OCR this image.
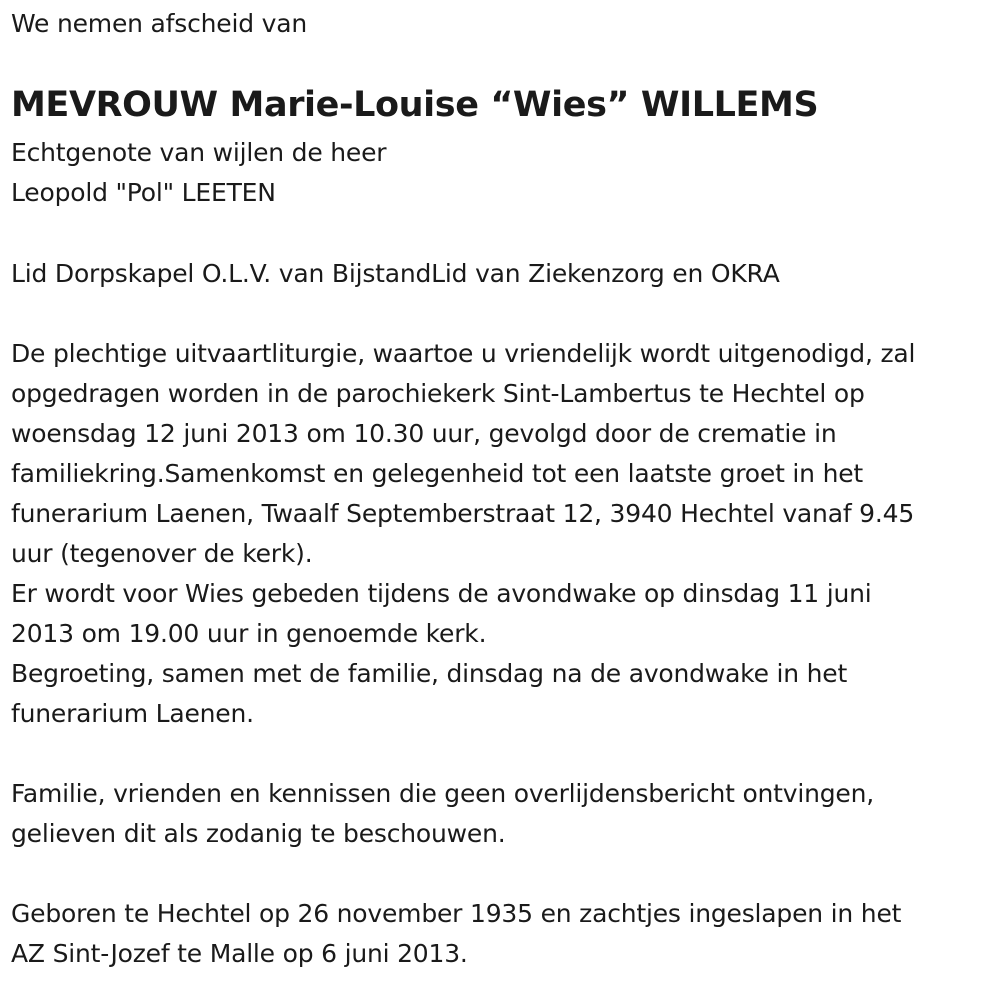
We nemen afscheid van
MEVROUW Marie-Louise “Wies” WILLEMS
Echtgenote van wijlen de heer
Leopold "Pol" LEETEN
Lid Dorpskapel O.L.V. van BijstandLid van Ziekenzorg en OKRA
De plechtige uitvaartliturgie, waartoe u vriendelijk wordt uitgenodigd, zal
opgedragen worden in de parochiekerk Sint-Lambertus te Hechtel op
woensdag 12 juni 2013 om 10.30 uur, gevolgd door de crematie in
familiekring.Samenkomst en gelegenheid tot een laatste groet in het
funerarium Laenen, Twaalf Septemberstraat 12, 3940 Hechtel vanaf 9.45
uur (tegenover de kerk).
Er wordt voor Wies gebeden tijdens de avondwake op dinsdag 11 juni
2013 om 19.00 uur in genoemde kerk.
Begroeting, samen met de familie, dinsdag na de avondwake in het
funerarium Laenen.
Familie, vrienden en kennissen die geen overlijdensbericht ontvingen,
gelieven dit als zodanig te beschouwen.
Geboren te Hechtel op 26 november 1935 en zachtjes ingeslapen in het
AZ Sint-Jozef te Malle op 6 juni 2013.
